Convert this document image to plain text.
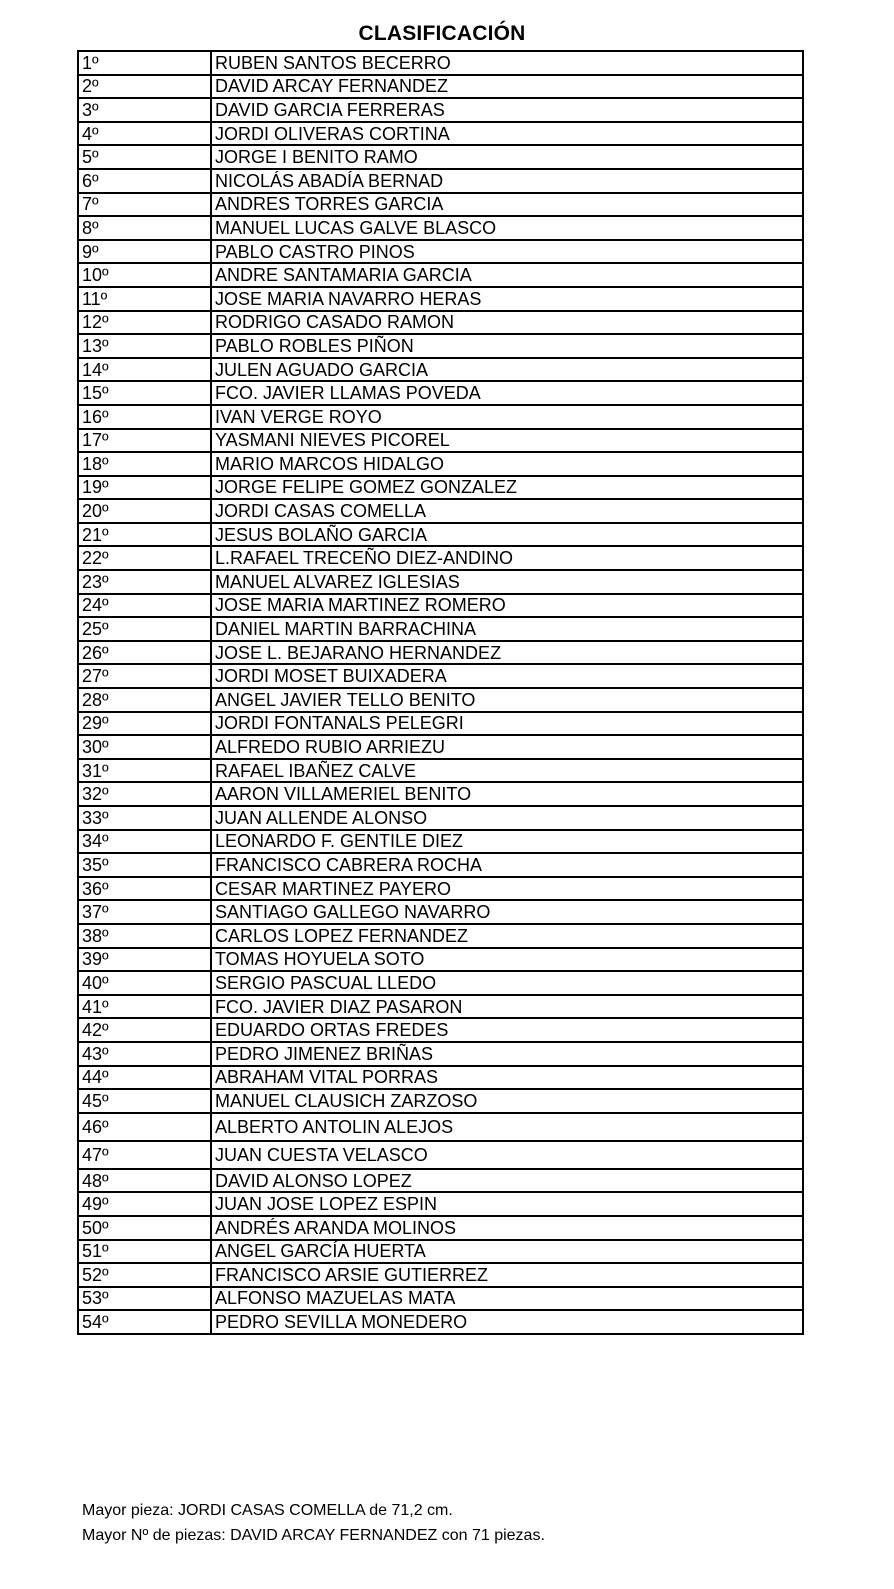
CLASIFICACIÓN
1º	RUBEN SANTOS BECERRO
2º	DAVID ARCAY FERNANDEZ
3º	DAVID GARCIA FERRERAS
4º	JORDI OLIVERAS CORTINA
5º	JORGE I BENITO RAMO
6º	NICOLÁS ABADÍA BERNAD
7º	ANDRES TORRES GARCIA
8º	MANUEL LUCAS GALVE BLASCO
9º	PABLO CASTRO PINOS
10º	ANDRE SANTAMARIA GARCIA
11º	JOSE MARIA NAVARRO HERAS
12º	RODRIGO CASADO RAMON
13º	PABLO ROBLES PIÑON
14º	JULEN AGUADO GARCIA
15º	FCO. JAVIER LLAMAS POVEDA
16º	IVAN VERGE ROYO
17º	YASMANI NIEVES PICOREL
18º	MARIO MARCOS HIDALGO
19º	JORGE FELIPE GOMEZ GONZALEZ
20º	JORDI CASAS COMELLA
21º	JESUS BOLAÑO GARCIA
22º	L.RAFAEL TRECEÑO DIEZ-ANDINO
23º	MANUEL ALVAREZ IGLESIAS
24º	JOSE MARIA MARTINEZ ROMERO
25º	DANIEL MARTIN BARRACHINA
26º	JOSE L. BEJARANO HERNANDEZ
27º	JORDI MOSET BUIXADERA
28º	ANGEL JAVIER TELLO BENITO
29º	JORDI FONTANALS PELEGRI
30º	ALFREDO RUBIO ARRIEZU
31º	RAFAEL IBAÑEZ CALVE
32º	AARON VILLAMERIEL BENITO
33º	JUAN ALLENDE ALONSO
34º	LEONARDO F. GENTILE DIEZ
35º	FRANCISCO CABRERA ROCHA
36º	CESAR MARTINEZ PAYERO
37º	SANTIAGO GALLEGO NAVARRO
38º	CARLOS LOPEZ FERNANDEZ
39º	TOMAS HOYUELA SOTO
40º	SERGIO PASCUAL LLEDO
41º	FCO. JAVIER DIAZ PASARON
42º	EDUARDO ORTAS FREDES
43º	PEDRO JIMENEZ BRIÑAS
44º	ABRAHAM VITAL PORRAS
45º	MANUEL CLAUSICH ZARZOSO
46º	ALBERTO ANTOLIN ALEJOS
47º	JUAN CUESTA VELASCO
48º	DAVID ALONSO LOPEZ
49º	JUAN JOSE LOPEZ ESPIN
50º	ANDRÉS ARANDA MOLINOS
51º	ANGEL GARCÍA HUERTA
52º	FRANCISCO ARSIE GUTIERREZ
53º	ALFONSO MAZUELAS MATA
54º	PEDRO SEVILLA MONEDERO
Mayor pieza: JORDI CASAS COMELLA de 71,2 cm.
Mayor Nº de piezas: DAVID ARCAY FERNANDEZ con 71 piezas.
